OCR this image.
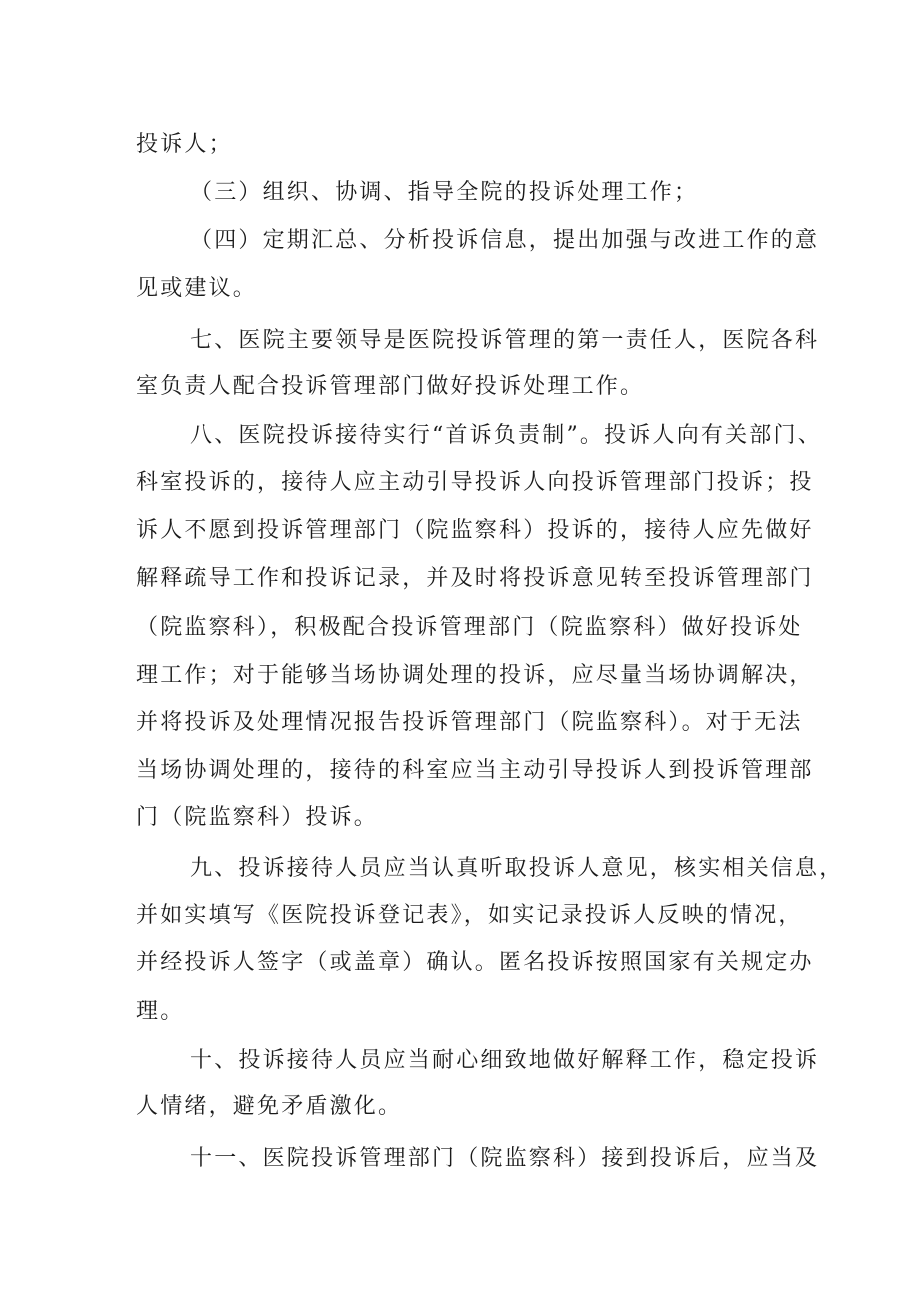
投诉人；
（三）组织、协调、指导全院的投诉处理工作；
（四）定期汇总、分析投诉信息，提出加强与改进工作的意
见或建议。
七、医院主要领导是医院投诉管理的第一责任人，医院各科
室负责人配合投诉管理部门做好投诉处理工作。
八、医院投诉接待实行“首诉负责制”。投诉人向有关部门、
科室投诉的，接待人应主动引导投诉人向投诉管理部门投诉；投
诉人不愿到投诉管理部门（院监察科）投诉的，接待人应先做好
解释疏导工作和投诉记录，并及时将投诉意见转至投诉管理部门
（院监察科），积极配合投诉管理部门（院监察科）做好投诉处
理工作；对于能够当场协调处理的投诉，应尽量当场协调解决，
并将投诉及处理情况报告投诉管理部门（院监察科）。对于无法
当场协调处理的，接待的科室应当主动引导投诉人到投诉管理部
门（院监察科）投诉。
九、投诉接待人员应当认真听取投诉人意见，核实相关信息，
并如实填写《医院投诉登记表》，如实记录投诉人反映的情况，
并经投诉人签字（或盖章）确认。匿名投诉按照国家有关规定办
理。
十、投诉接待人员应当耐心细致地做好解释工作，稳定投诉
人情绪，避免矛盾激化。
十一、医院投诉管理部门（院监察科）接到投诉后，应当及
